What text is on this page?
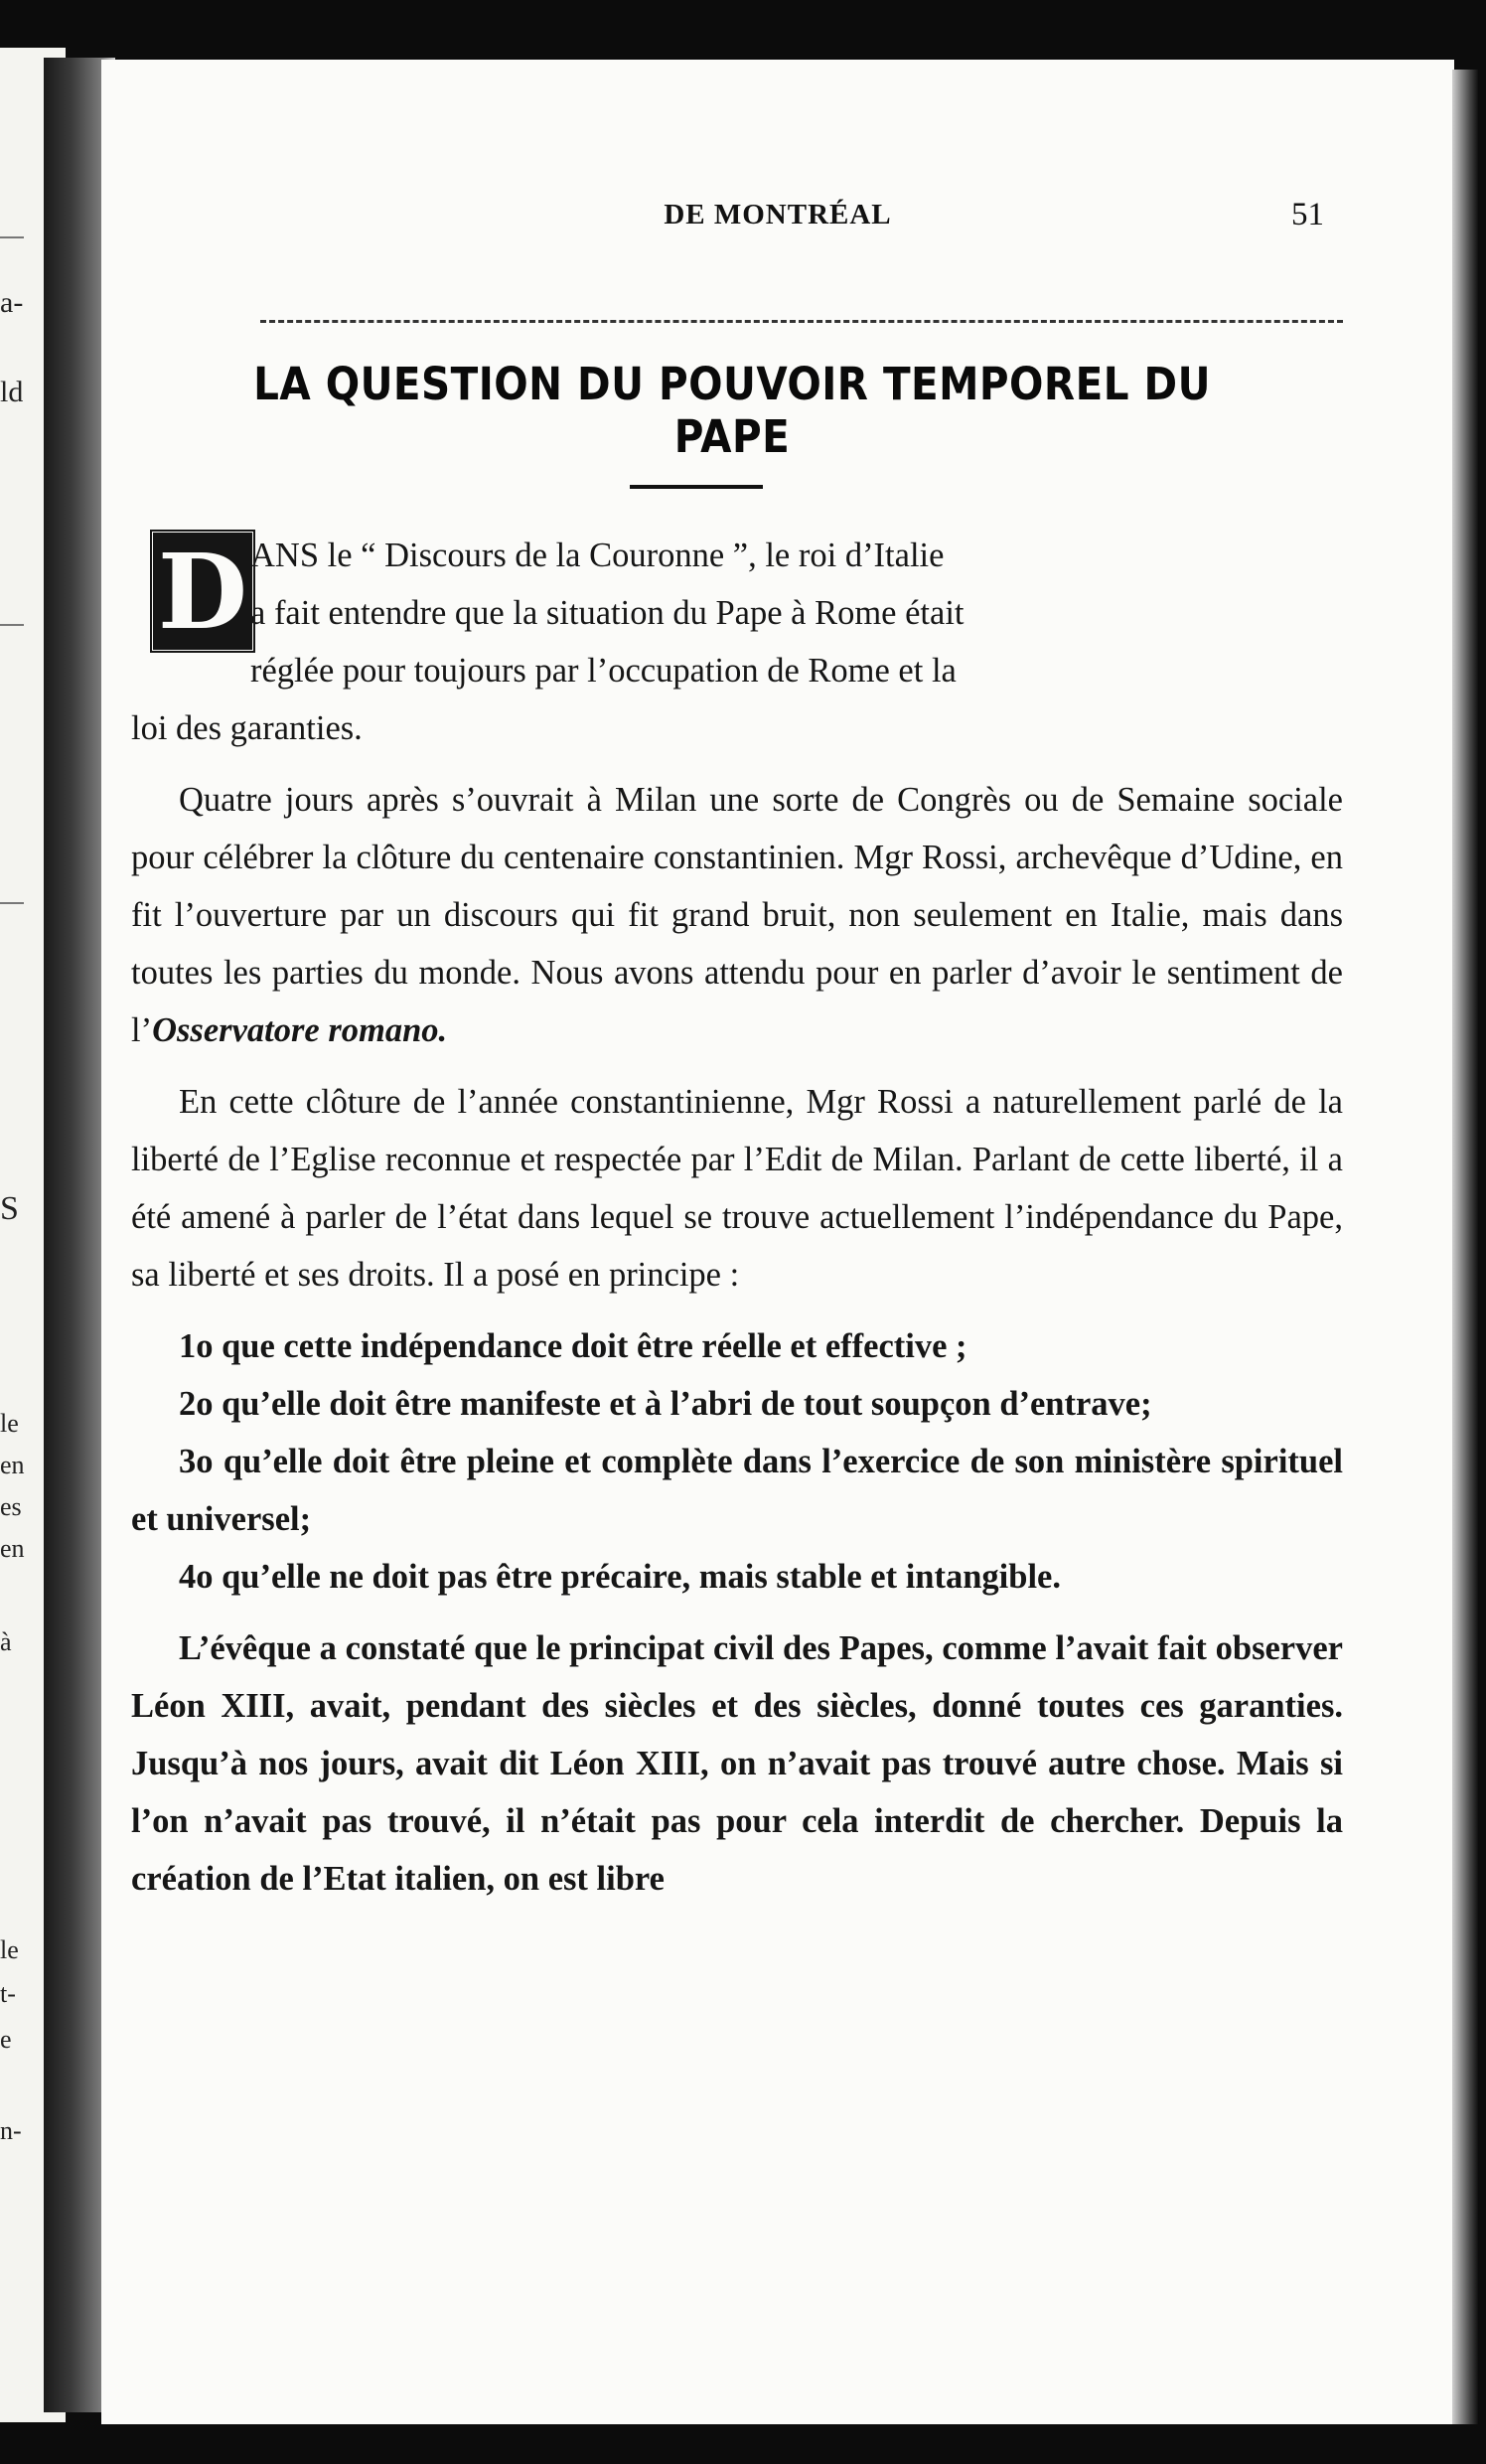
a-
ld
S
le
en
es
en
à
le
t-
e
n-
DE MONTRÉAL	51
LA QUESTION DU POUVOIR TEMPOREL DU PAPE
D ANS le “ Discours de la Couronne ”, le roi d’Italie

a fait entendre que la situation du Pape à Rome était

réglée pour toujours par l’occupation de Rome et la

loi des garanties.

Quatre jours après s’ouvrait à Milan une sorte de Congrès ou de Semaine sociale pour célébrer la clôture du centenaire constantinien. Mgr Rossi, archevêque d’Udine, en fit l’ouverture par un discours qui fit grand bruit, non seulement en Italie, mais dans toutes les parties du monde. Nous avons attendu pour en parler d’avoir le sentiment de l’Osservatore romano.

En cette clôture de l’année constantinienne, Mgr Rossi a naturellement parlé de la liberté de l’Eglise reconnue et respectée par l’Edit de Milan. Parlant de cette liberté, il a été amené à parler de l’état dans lequel se trouve actuellement l’indépendance du Pape, sa liberté et ses droits. Il a posé en principe :

1o que cette indépendance doit être réelle et effective ;

2o qu’elle doit être manifeste et à l’abri de tout soupçon d’entrave;

3o qu’elle doit être pleine et complète dans l’exercice de son ministère spirituel et universel;

4o qu’elle ne doit pas être précaire, mais stable et intangible.

L’évêque a constaté que le principat civil des Papes, comme l’avait fait observer Léon XIII, avait, pendant des siècles et des siècles, donné toutes ces garanties. Jusqu’à nos jours, avait dit Léon XIII, on n’avait pas trouvé autre chose. Mais si l’on n’avait pas trouvé, il n’était pas pour cela interdit de chercher. Depuis la création de l’Etat italien, on est libre
